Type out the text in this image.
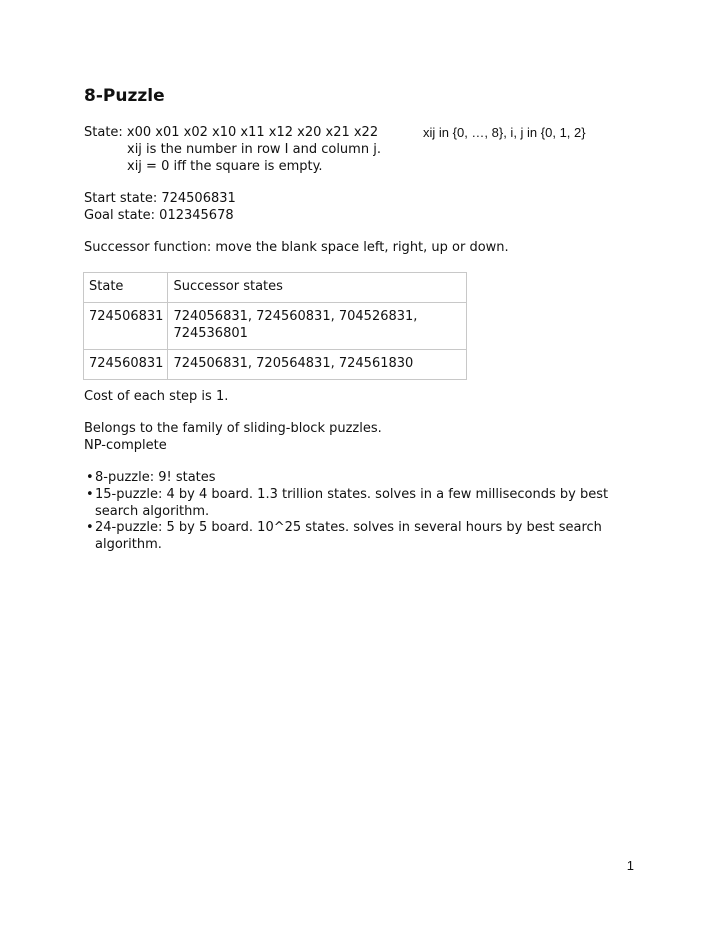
8-Puzzle
State: x00 x01 x02 x10 x11 x12 x20 x21 x22	xij in {0, …, 8}, i, j in {0, 1, 2}
xij is the number in row I and column j.
xij = 0 iff the square is empty.
Start state: 724506831
Goal state: 012345678
Successor function: move the blank space left, right, up or down.
State	Successor states
724506831	724056831, 724560831, 704526831,
724536801

724560831	724506831, 720564831, 724561830
Cost of each step is 1.
Belongs to the family of sliding-block puzzles.
NP-complete
• 8-puzzle: 9! states
• 15-puzzle: 4 by 4 board. 1.3 trillion states. solves in a few milliseconds by best
search algorithm.
• 24-puzzle: 5 by 5 board. 10^25 states. solves in several hours by best search
algorithm.
1
